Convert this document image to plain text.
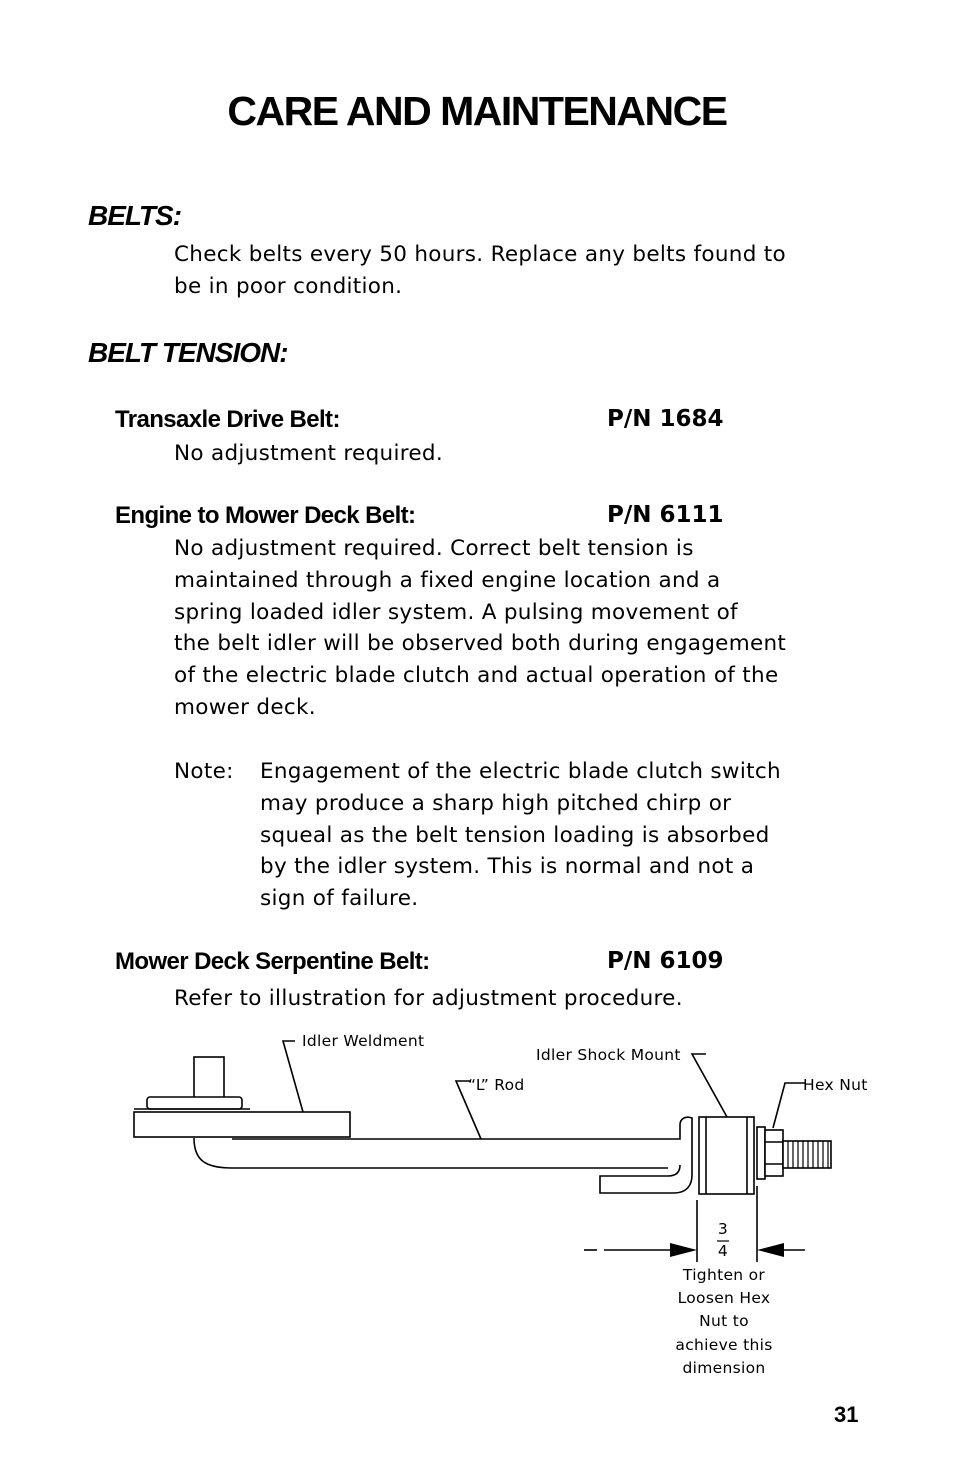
CARE AND MAINTENANCE
BELTS:
Check belts every 50 hours. Replace any belts found to
be in poor condition.
BELT TENSION:
Transaxle Drive Belt:	P/N 1684
No adjustment required.
Engine to Mower Deck Belt:	P/N 6111
No adjustment required. Correct belt tension is
maintained through a fixed engine location and a
spring loaded idler system. A pulsing movement of
the belt idler will be observed both during engagement
of the electric blade clutch and actual operation of the
mower deck.
Note: Engagement of the electric blade clutch switch
may produce a sharp high pitched chirp or
squeal as the belt tension loading is absorbed
by the idler system. This is normal and not a
sign of failure.
Mower Deck Serpentine Belt:	P/N 6109
Refer to illustration for adjustment procedure.
Idler Weldment
Idler Shock Mount
“L” Rod	Hex Nut
3
4
Tighten or
Loosen Hex
Nut to
achieve this
dimension
31
